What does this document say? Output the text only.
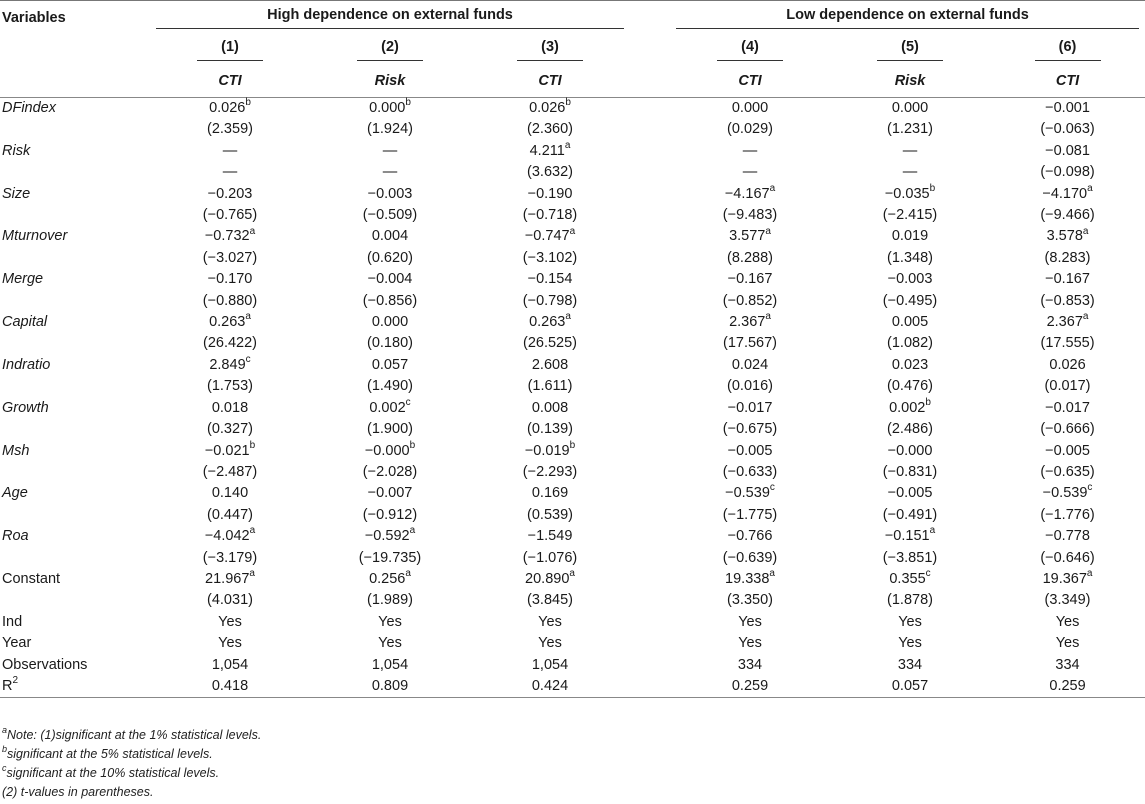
Variables	High dependence on external funds				Low dependence on external funds		
	(1)	(2)	(3)		(4)	(5)	(6)
	CTI	Risk	CTI		CTI	Risk	CTI
DFindex	0.026$^b$	0.000$^b$	0.026$^b$		0.000	0.000	−0.001
	(2.359)	(1.924)	(2.360)		(0.029)	(1.231)	(−0.063)
Risk	—	—	4.211$^a$		—	—	−0.081
	—	—	(3.632)		—	—	(−0.098)
Size	−0.203	−0.003	−0.190		−4.167$^a$	−0.035$^b$	−4.170$^a$
	(−0.765)	(−0.509)	(−0.718)		(−9.483)	(−2.415)	(−9.466)
Mturnover	−0.732$^a$	0.004	−0.747$^a$		3.577$^a$	0.019	3.578$^a$
	(−3.027)	(0.620)	(−3.102)		(8.288)	(1.348)	(8.283)
Merge	−0.170	−0.004	−0.154		−0.167	−0.003	−0.167
	(−0.880)	(−0.856)	(−0.798)		(−0.852)	(−0.495)	(−0.853)
Capital	0.263$^a$	0.000	0.263$^a$		2.367$^a$	0.005	2.367$^a$
	(26.422)	(0.180)	(26.525)		(17.567)	(1.082)	(17.555)
Indratio	2.849$^c$	0.057	2.608		0.024	0.023	0.026
	(1.753)	(1.490)	(1.611)		(0.016)	(0.476)	(0.017)
Growth	0.018	0.002$^c$	0.008		−0.017	0.002$^b$	−0.017
	(0.327)	(1.900)	(0.139)		(−0.675)	(2.486)	(−0.666)
Msh	−0.021$^b$	−0.000$^b$	−0.019$^b$		−0.005	−0.000	−0.005
	(−2.487)	(−2.028)	(−2.293)		(−0.633)	(−0.831)	(−0.635)
Age	0.140	−0.007	0.169		−0.539$^c$	−0.005	−0.539$^c$
	(0.447)	(−0.912)	(0.539)		(−1.775)	(−0.491)	(−1.776)
Roa	−4.042$^a$	−0.592$^a$	−1.549		−0.766	−0.151$^a$	−0.778
	(−3.179)	(−19.735)	(−1.076)		(−0.639)	(−3.851)	(−0.646)
Constant	21.967$^a$	0.256$^a$	20.890$^a$		19.338$^a$	0.355$^c$	19.367$^a$
	(4.031)	(1.989)	(3.845)		(3.350)	(1.878)	(3.349)
Ind	Yes	Yes	Yes		Yes	Yes	Yes
Year	Yes	Yes	Yes		Yes	Yes	Yes
Observations	1,054	1,054	1,054		334	334	334
$R^2$	0.418	0.809	0.424		0.259	0.057	0.259
$^a$Note: (1)significant at the 1% statistical levels.
$^b$significant at the 5% statistical levels.
$^c$significant at the 10% statistical levels.
(2) t-values in parentheses.
